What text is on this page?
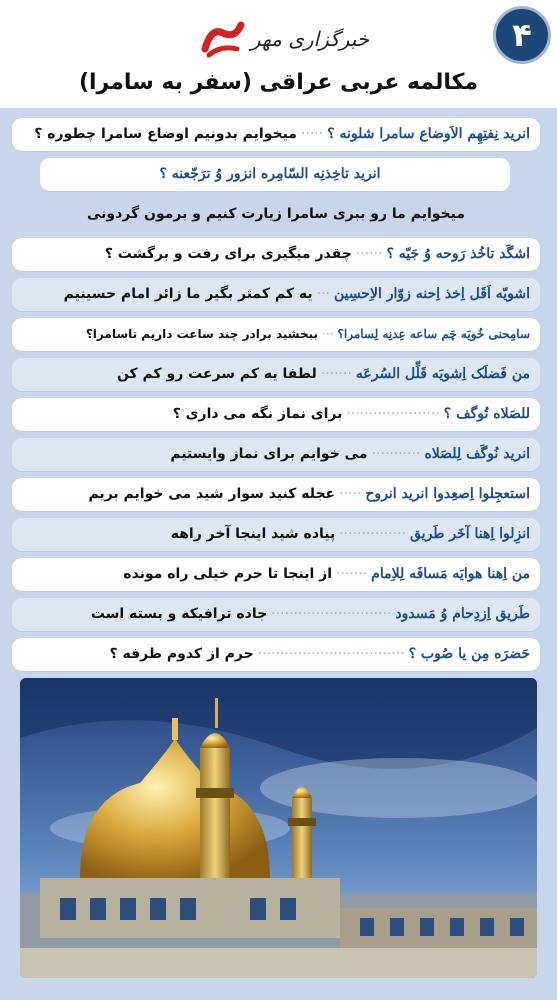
۴
خبرگزاری مهر
مکالمه عربی عراقی (سفر به سامرا)
انرید نِفتِهِم الاَوضاع سامرا شلونه ؟·····میخوایم بدونیم اوضاع سامرا چطوره ؟
انرید تاخِذنِه السّامِره انزور وُ ترَجّعنه ؟
میخوایم ما رو ببری سامرا زیارت کنیم و برمون گردونی
اشگَد تاخُذ رَوحه وُ جَیّه ؟······چقدر میگیری برای رفت و برگشت ؟
اشویّه اَقَل اِخذ اِحنه زوّار الاِحسِین···یه کم کمتر بگیر ما زائر امام حسینیم
سامِحنی خُویَه چَم ساعه عِدنِه لِسامرا؟···ببخشید برادر چند ساعت داریم تاسامرا؟
من فَضلَک اِشویَه قَلِّل السُرعَه·······لطفا یه کم سرعت رو کم کن
للصَلاه تُوگف ؟·····················برای نماز نگه می داری ؟
انرید نُوگَف لِلصَلاه···········می خوایم برای نماز وایستیم
استعجِلوا اِصعِدوا انرید انروح·····عجله کنید سوار شید می خوایم بریم
انزِلوا اِهنا آخَر طَریق···············پیاده شید اینجا آخر راهه
من اِهنا هوایَه مَسافَه لِلاِمام·······از اینجا تا حرم خیلی راه مونده
طَریق اِزدِحام وُ مَسدود···························جاده ترافیکه و بسته است
حَضرَه مِن یا صُوب ؟·································حرم از کدوم طرفه ؟
